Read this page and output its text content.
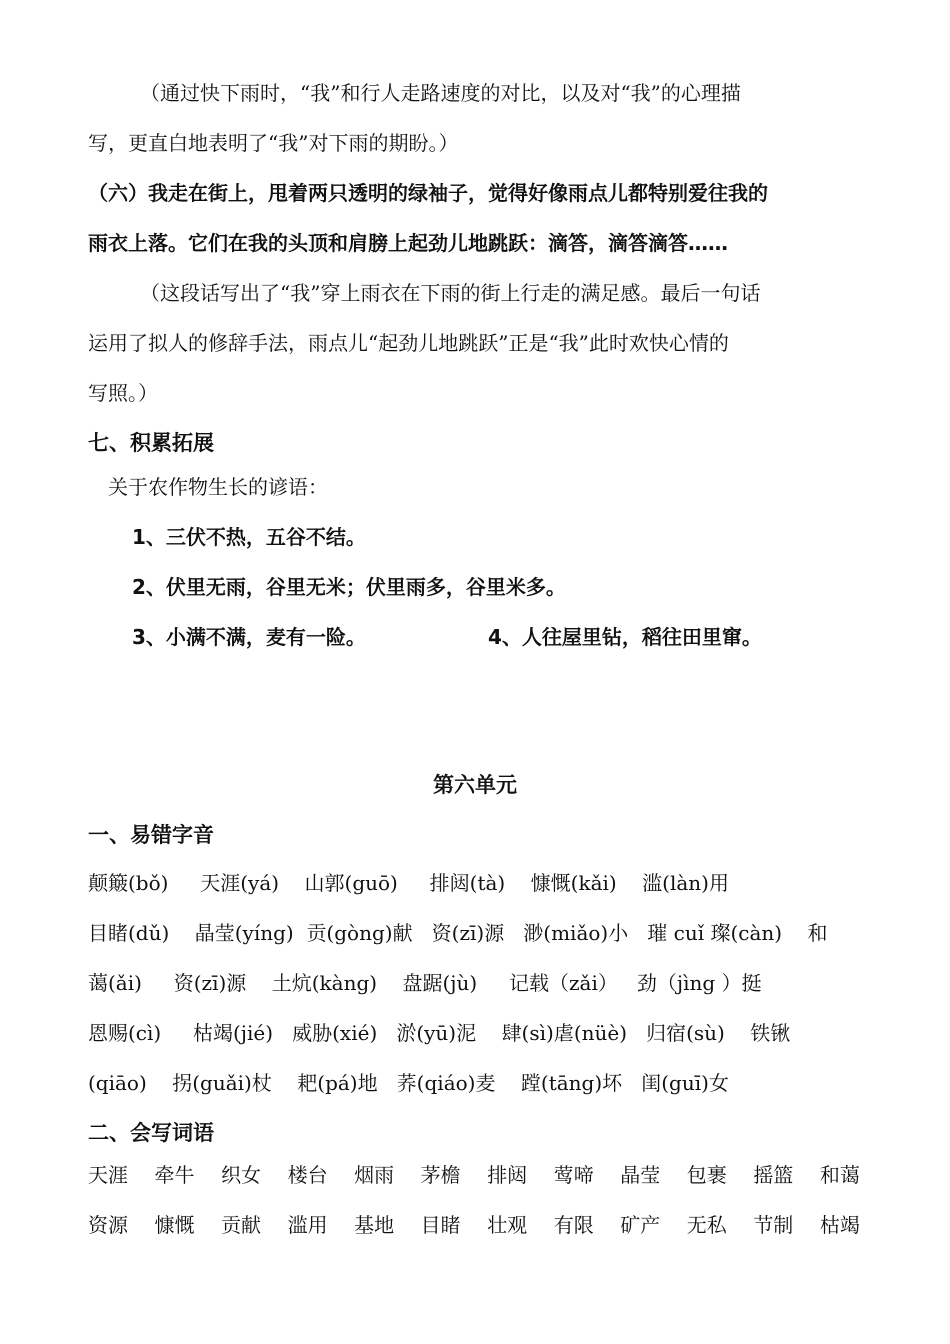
（通过快下雨时，“我”和行人走路速度的对比，以及对“我”的心理描
写，更直白地表明了“我”对下雨的期盼。）
（六）我走在街上，甩着两只透明的绿袖子，觉得好像雨点儿都特别爱往我的
雨衣上落。它们在我的头顶和肩膀上起劲儿地跳跃：滴答，滴答滴答……
（这段话写出了“我”穿上雨衣在下雨的街上行走的满足感。最后一句话
运用了拟人的修辞手法，雨点儿“起劲儿地跳跃”正是“我”此时欢快心情的
写照。）
七、积累拓展
关于农作物生长的谚语：
1、三伏不热，五谷不结。
2、伏里无雨，谷里无米；伏里雨多，谷里米多。
3、小满不满，麦有一险。	4、人往屋里钻，稻往田里窜。
第六单元
一、易错字音
颠簸(bǒ) 天涯(yá) 山郭(guō) 排闼(tà) 慷慨(kǎi) 滥(làn)用
目睹(dǔ) 晶莹(yíng) 贡(gòng)献 资(zī)源 渺(miǎo)小 璀 cuǐ 璨(càn) 和
蔼(ǎi) 资(zī)源 土炕(kàng) 盘踞(jù) 记载（zǎi） 劲（jìng ）挺
恩赐(cì) 枯竭(jié) 威胁(xié) 淤(yū)泥 肆(sì)虐(nüè) 归宿(sù) 铁锹
(qiāo) 拐(guǎi)杖 耙(pá)地 荞(qiáo)麦 蹚(tāng)坏 闺(guī)女
二、会写词语
天涯 牵牛 织女 楼台 烟雨 茅檐 排闼 莺啼 晶莹 包裹 摇篮 和蔼
资源 慷慨 贡献 滥用 基地 目睹 壮观 有限 矿产 无私 节制 枯竭
